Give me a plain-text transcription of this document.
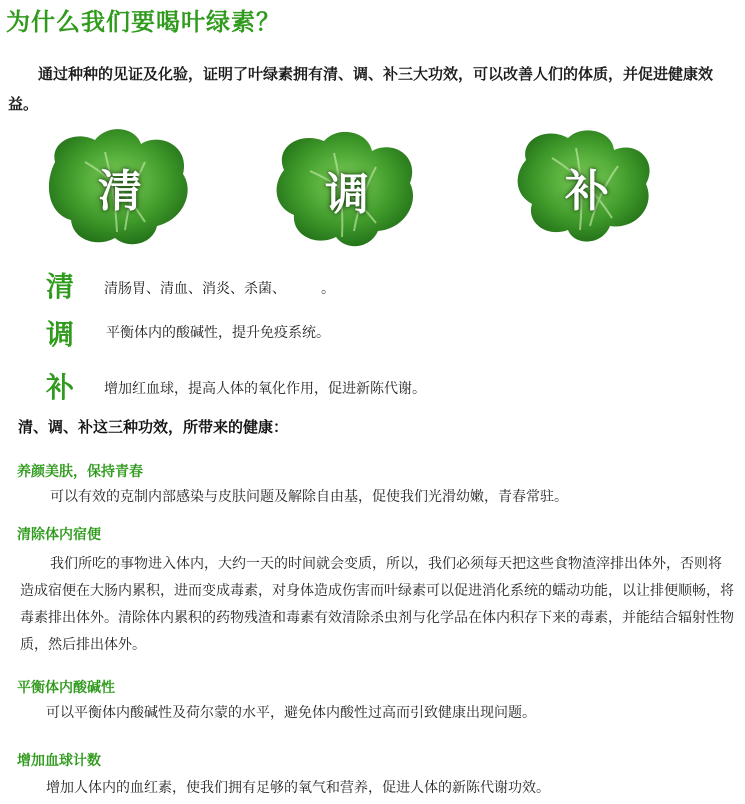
为什么我们要喝叶绿素？
通过种种的见证及化验，证明了叶绿素拥有清、调、补三大功效，可以改善人们的体质，并促进健康效益。
清	调	补
清 清肠胃、清血、消炎、杀菌、　　　。
调 平衡体内的酸碱性，提升免疫系统。
补 增加红血球，提高人体的氧化作用，促进新陈代谢。
清、调、补这三种功效，所带来的健康：
养颜美肤，保持青春
可以有效的克制内部感染与皮肤问题及解除自由基，促使我们光滑幼嫩，青春常驻。
清除体内宿便
我们所吃的事物进入体内，大约一天的时间就会变质，所以，我们必须每天把这些食物渣滓排出体外，否则将造成宿便在大肠内累积，进而变成毒素，对身体造成伤害而叶绿素可以促进消化系统的蠕动功能，以让排便顺畅，将毒素排出体外。清除体内累积的药物残渣和毒素有效清除杀虫剂与化学品在体内积存下来的毒素，并能结合辐射性物质，然后排出体外。
平衡体内酸碱性
可以平衡体内酸碱性及荷尔蒙的水平，避免体内酸性过高而引致健康出现问题。
增加血球计数
增加人体内的血红素，使我们拥有足够的氧气和营养，促进人体的新陈代谢功效。
